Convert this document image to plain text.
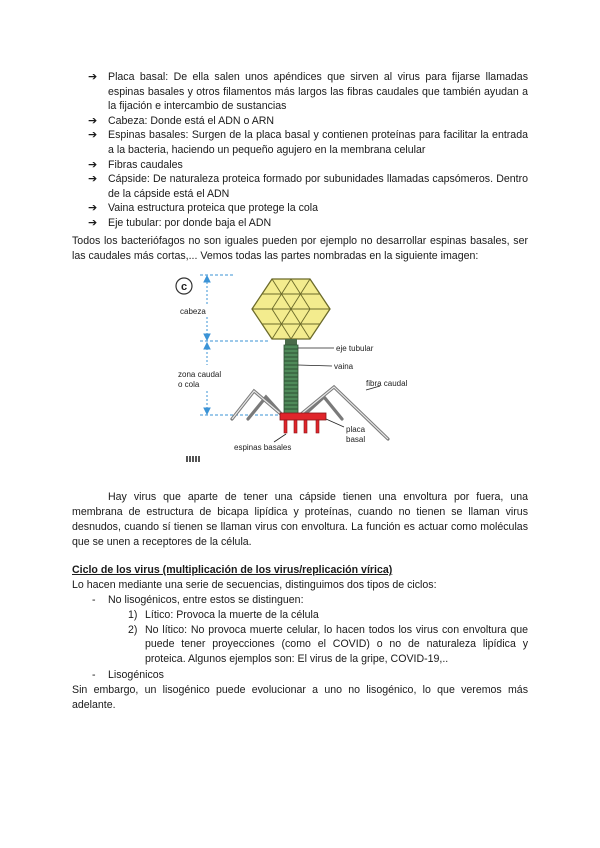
➔ Placa basal: De ella salen unos apéndices que sirven al virus para fijarse llamadas espinas basales y otros filamentos más largos las fibras caudales que también ayudan a la fijación e intercambio de sustancias
➔ Cabeza: Donde está el ADN o ARN
➔ Espinas basales: Surgen de la placa basal y contienen proteínas para facilitar la entrada a la bacteria, haciendo un pequeño agujero en la membrana celular
➔ Fibras caudales
➔ Cápside: De naturaleza proteica formado por subunidades llamadas capsómeros. Dentro de la cápside está el ADN
➔ Vaina estructura proteica que protege la cola
➔ Eje tubular: por donde baja el ADN

Todos los bacteriófagos no son iguales pueden por ejemplo no desarrollar espinas basales, ser las caudales más cortas,... Vemos todas las partes nombradas en la siguiente imagen:

c
cabeza
zona caudal
o cola
eje tubular
vaina
fibra caudal
placa
basal
espinas basales

Hay virus que aparte de tener una cápside tienen una envoltura por fuera, una membrana de estructura de bicapa lipídica y proteínas, cuando no tienen se llaman virus desnudos, cuando sí tienen se llaman virus con envoltura. La función es actuar como moléculas que se unen a receptores de la célula.

Ciclo de los virus (multiplicación de los virus/replicación vírica)

Lo hacen mediante una serie de secuencias, distinguimos dos tipos de ciclos:

- No lisogénicos, entre estos se distinguen:

1) Lítico: Provoca la muerte de la célula
2) No lítico: No provoca muerte celular, lo hacen todos los virus con envoltura que puede tener proyecciones (como el COVID) o no de naturaleza lipídica y proteica. Algunos ejemplos son: El virus de la gripe, COVID-19,..

- Lisogénicos

Sin embargo, un lisogénico puede evolucionar a uno no lisogénico, lo que veremos más adelante.
